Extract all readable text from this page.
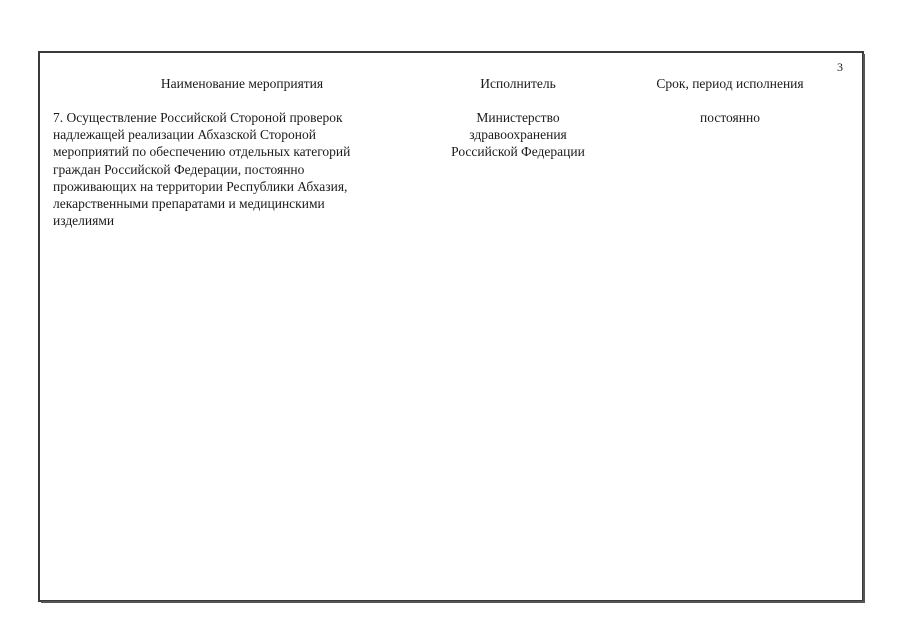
3
Наименование мероприятия	Исполнитель	Срок, период исполнения
7. Осуществление Российской Стороной проверок
надлежащей реализации Абхазской Стороной
мероприятий по обеспечению отдельных категорий
граждан Российской Федерации, постоянно
проживающих на территории Республики Абхазия,
лекарственными препаратами и медицинскими
изделиями
Министерство
здравоохранения
Российской Федерации
постоянно
